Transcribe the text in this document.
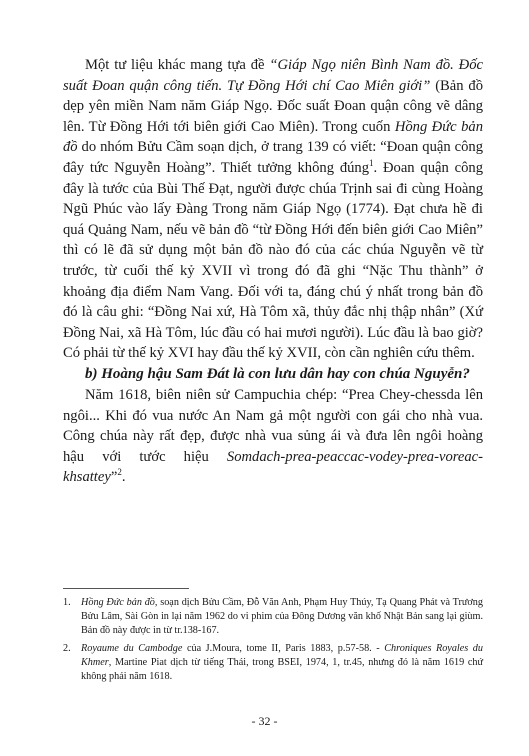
Một tư liệu khác mang tựa đề “Giáp Ngọ niên Bình Nam đồ. Đốc suất Đoan quận công tiến. Tự Đồng Hới chí Cao Miên giới” (Bản đồ dẹp yên miền Nam năm Giáp Ngọ. Đốc suất Đoan quận công vẽ dâng lên. Từ Đồng Hới tới biên giới Cao Miên). Trong cuốn Hồng Đức bản đồ do nhóm Bửu Cầm soạn dịch, ở trang 139 có viết: “Đoan quận công đây tức Nguyễn Hoàng”. Thiết tưởng không đúng$^1$. Đoan quận công đây là tước của Bùi Thế Đạt, người được chúa Trịnh sai đi cùng Hoàng Ngũ Phúc vào lấy Đàng Trong năm Giáp Ngọ (1774). Đạt chưa hề đi quá Quảng Nam, nếu vẽ bản đồ “từ Đồng Hới đến biên giới Cao Miên” thì có lẽ đã sử dụng một bản đồ nào đó của các chúa Nguyễn vẽ từ trước, từ cuối thế kỷ XVII vì trong đó đã ghi “Nặc Thu thành” ở khoảng địa điểm Nam Vang. Đối với ta, đáng chú ý nhất trong bản đồ đó là câu ghi: “Đồng Nai xứ, Hà Tôm xã, thủy đắc nhị thập nhân” (Xứ Đồng Nai, xã Hà Tôm, lúc đầu có hai mươi người). Lúc đầu là bao giờ? Có phải từ thế kỷ XVI hay đầu thế kỷ XVII, còn cần nghiên cứu thêm.

b) Hoàng hậu Sam Đát là con lưu dân hay con chúa Nguyễn?

Năm 1618, biên niên sử Campuchia chép: “Prea Chey-chessda lên ngôi... Khi đó vua nước An Nam gả một người con gái cho nhà vua. Công chúa này rất đẹp, được nhà vua sủng ái và đưa lên ngôi hoàng hậu với tước hiệu Somdach-prea-peaccac-vodey-prea-voreac-khsattey”$^2$.

1.	Hồng Đức bản đồ, soạn dịch Bửu Cầm, Đỗ Văn Anh, Phạm Huy Thúy, Tạ Quang Phát và Trương Bửu Lâm, Sài Gòn in lại năm 1962 do vi phim của Đông Dương văn khố Nhật Bản sang lại giùm. Bản đồ này được in từ tr.138-167.
2.	Royaume du Cambodge của J.Moura, tome II, Paris 1883, p.57-58. - Chroniques Royales du Khmer, Martine Piat dịch từ tiếng Thái, trong BSEI, 1974, 1, tr.45, nhưng đó là năm 1619 chứ không phải năm 1618.
- 32 -
